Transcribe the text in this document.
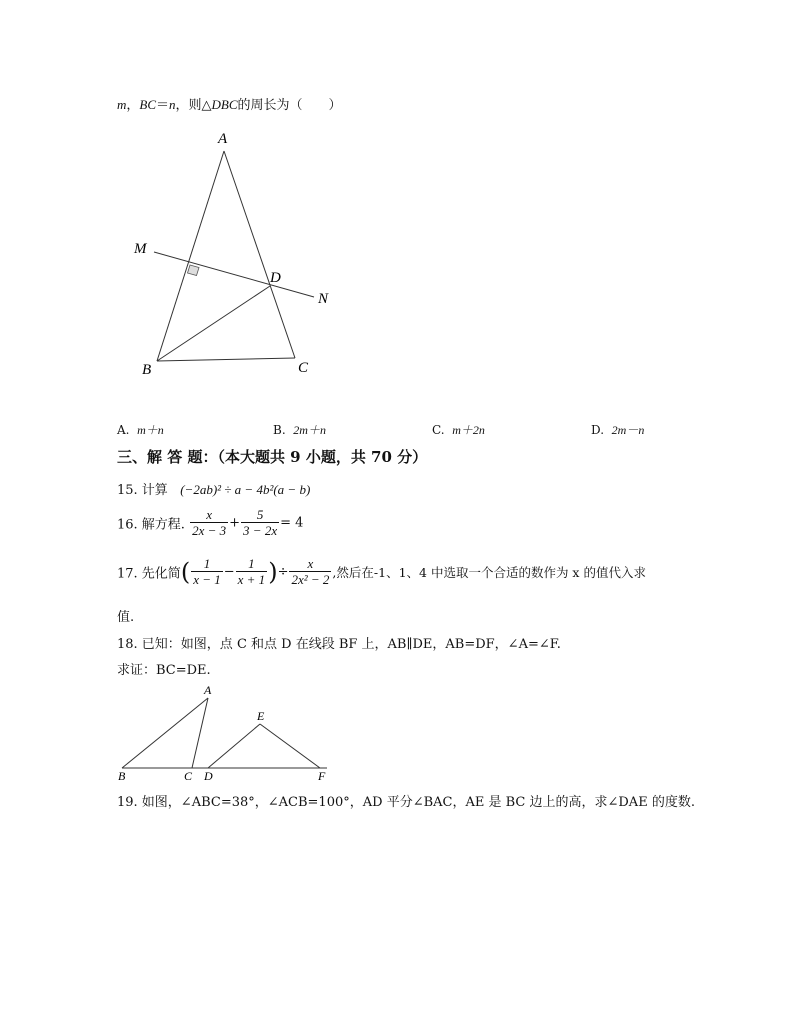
m，BC＝n，则△DBC的周长为（　　）
A
M
D
N
B	C
A. m＋n	B. 2m＋n	C. m＋2n	D. 2m－n
三、解 答 题：（本大题共 9 小题，共 70 分）
15. 计算 (−2ab)² ÷ a − 4b²(a − b)
16. 解方程. $\frac{x}{2x - 3} + \frac{5}{3 - 2x} = 4$
17. 先化简( $\frac{1}{x - 1} - \frac{1}{x + 1}$ )÷ $\frac{x}{\text{2x² − 2}}$ ,然后在-1、1、4 中选取一个合适的数作为 x 的值代入求
值.
18. 已知：如图，点 C 和点 D 在线段 BF 上，AB∥DE，AB=DF，∠A=∠F.
求证：BC=DE.
A
E
B	C D	F
19. 如图，∠ABC=38°，∠ACB=100°，AD 平分∠BAC，AE 是 BC 边上的高，求∠DAE 的度数.
